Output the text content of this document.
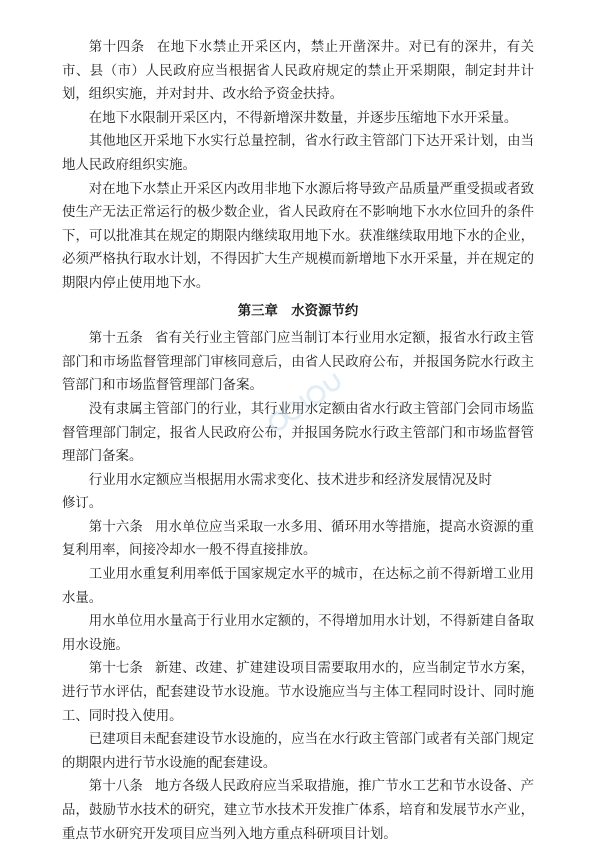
第十四条 在地下水禁止开采区内，禁止开凿深井。对已有的深井，有关市、县（市）人民政府应当根据省人民政府规定的禁止开采期限，制定封井计划，组织实施，并对封井、改水给予资金扶持。

在地下水限制开采区内，不得新增深井数量，并逐步压缩地下水开采量。

其他地区开采地下水实行总量控制，省水行政主管部门下达开采计划，由当地人民政府组织实施。

对在地下水禁止开采区内改用非地下水源后将导致产品质量严重受损或者致使生产无法正常运行的极少数企业，省人民政府在不影响地下水水位回升的条件下，可以批准其在规定的期限内继续取用地下水。获准继续取用地下水的企业，必须严格执行取水计划，不得因扩大生产规模而新增地下水开采量，并在规定的期限内停止使用地下水。

第三章　水资源节约

第十五条 省有关行业主管部门应当制订本行业用水定额，报省水行政主管部门和市场监督管理部门审核同意后，由省人民政府公布，并报国务院水行政主管部门和市场监督管理部门备案。

没有隶属主管部门的行业，其行业用水定额由省水行政主管部门会同市场监督管理部门制定，报省人民政府公布，并报国务院水行政主管部门和市场监督管理部门备案。

行业用水定额应当根据用水需求变化、技术进步和经济发展情况及时修订。

第十六条 用水单位应当采取一水多用、循环用水等措施，提高水资源的重复利用率，间接冷却水一般不得直接排放。

工业用水重复利用率低于国家规定水平的城市，在达标之前不得新增工业用水量。

用水单位用水量高于行业用水定额的，不得增加用水计划，不得新建自备取用水设施。

第十七条 新建、改建、扩建建设项目需要取用水的，应当制定节水方案，进行节水评估，配套建设节水设施。节水设施应当与主体工程同时设计、同时施工、同时投入使用。

已建项目未配套建设节水设施的，应当在水行政主管部门或者有关部门规定的期限内进行节水设施的配套建设。

第十八条 地方各级人民政府应当采取措施，推广节水工艺和节水设备、产品，鼓励节水技术的研究，建立节水技术开发推广体系，培育和发展节水产业，重点节水研究开发项目应当列入地方重点科研项目计划。
